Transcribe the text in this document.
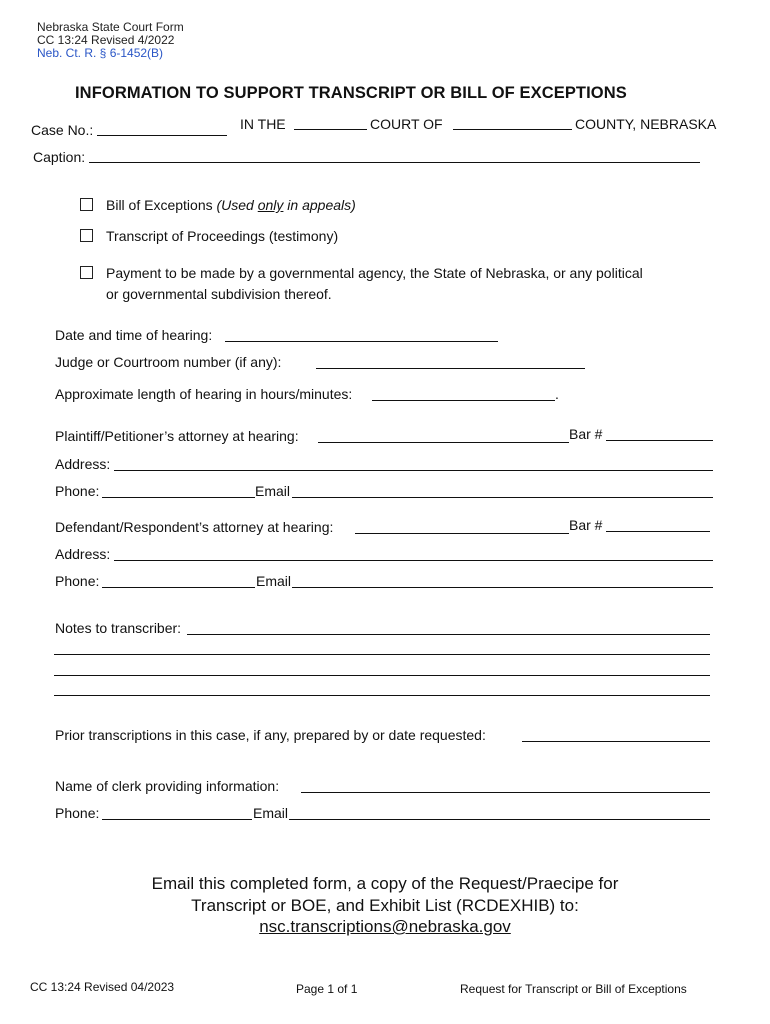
Nebraska State Court Form
CC 13:24 Revised 4/2022
Neb. Ct. R. § 6-1452(B)
INFORMATION TO SUPPORT TRANSCRIPT OR BILL OF EXCEPTIONS
Case No.:	IN THE	COURT OF	COUNTY, NEBRASKA
Caption:
Bill of Exceptions (Used only in appeals)
Transcript of Proceedings (testimony)
Payment to be made by a governmental agency, the State of Nebraska, or any political
or governmental subdivision thereof.
Date and time of hearing:
Judge or Courtroom number (if any):
Approximate length of hearing in hours/minutes:	.
Plaintiff/Petitioner’s attorney at hearing:	Bar #
Address:
Phone:	Email
Defendant/Respondent’s attorney at hearing:	Bar #
Address:
Phone:	Email
Notes to transcriber:
Prior transcriptions in this case, if any, prepared by or date requested:
Name of clerk providing information:
Phone:	Email
Email this completed form, a copy of the Request/Praecipe for
Transcript or BOE, and Exhibit List (RCDEXHIB) to:
nsc.transcriptions@nebraska.gov
CC 13:24 Revised 04/2023	Page 1 of 1	Request for Transcript or Bill of Exceptions
